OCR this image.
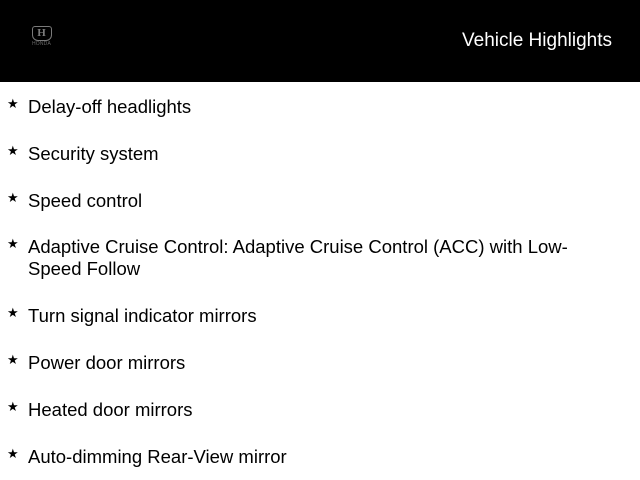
H
HONDA	Vehicle Highlights
★ Delay-off headlights
★ Security system
★ Speed control
★ Adaptive Cruise Control: Adaptive Cruise Control (ACC) with Low-Speed Follow
★ Turn signal indicator mirrors
★ Power door mirrors
★ Heated door mirrors
★ Auto-dimming Rear-View mirror
